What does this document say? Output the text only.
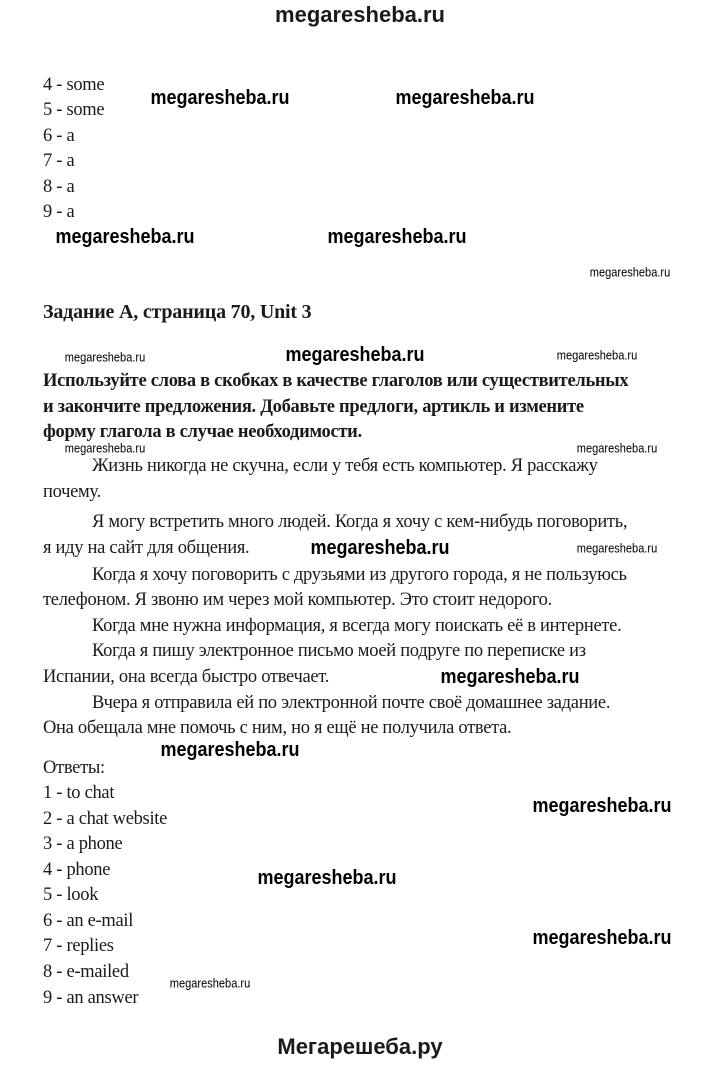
megaresheba.ru
4 - some
5 - some
6 - a
7 - a
8 - a
9 - a
Задание А, страница 70, Unit 3
Используйте слова в скобках в качестве глаголов или существительных
и закончите предложения. Добавьте предлоги, артикль и измените
форму глагола в случае необходимости.
Жизнь никогда не скучна, если у тебя есть компьютер. Я расскажу
почему.
Я могу встретить много людей. Когда я хочу с кем-нибудь поговорить,
я иду на сайт для общения.
Когда я хочу поговорить с друзьями из другого города, я не пользуюсь
телефоном. Я звоню им через мой компьютер. Это стоит недорого.
Когда мне нужна информация, я всегда могу поискать её в интернете.
Когда я пишу электронное письмо моей подруге по переписке из
Испании, она всегда быстро отвечает.
Вчера я отправила ей по электронной почте своё домашнее задание.
Она обещала мне помочь с ним, но я ещё не получила ответа.
Ответы:
1 - to chat
2 - a chat website
3 - a phone
4 - phone
5 - look
6 - an e-mail
7 - replies
8 - e-mailed
9 - an answer
megaresheba.ru	megaresheba.ru
megaresheba.ru	megaresheba.ru
megaresheba.ru
megaresheba.ru	megaresheba.ru	megaresheba.ru
megaresheba.ru
megaresheba.ru
megaresheba.ru	megaresheba.ru
megaresheba.ru
megaresheba.ru
megaresheba.ru
megaresheba.ru
megaresheba.ru
megaresheba.ru
Мегарешеба.ру
